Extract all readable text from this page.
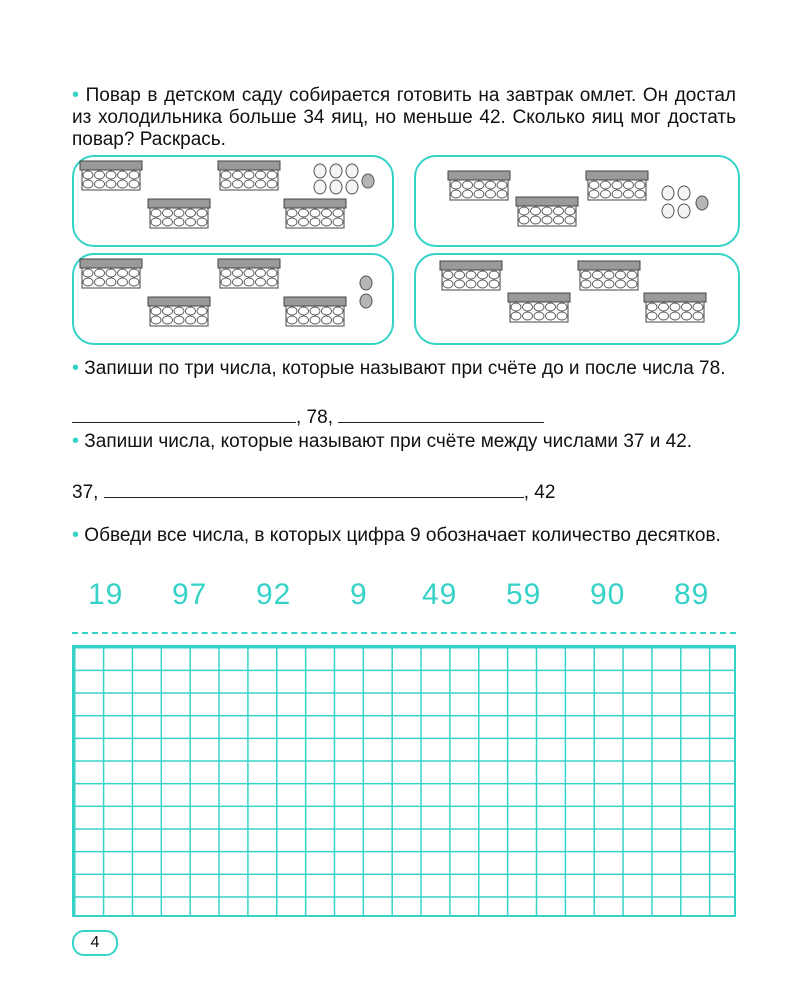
• Повар в детском саду собирается готовить на завтрак омлет. Он достал из холодильника больше 34 яиц, но меньше 42. Сколько яиц мог достать повар? Раскрась.
• Запиши по три числа, которые называют при счёте до и после числа 78.
, 78,
• Запиши числа, которые называют при счёте между числами 37 и 42.
37,	, 42
• Обведи все числа, в которых цифра 9 обозначает количество десятков.
19 97 92 9 49 59 90 89
4
